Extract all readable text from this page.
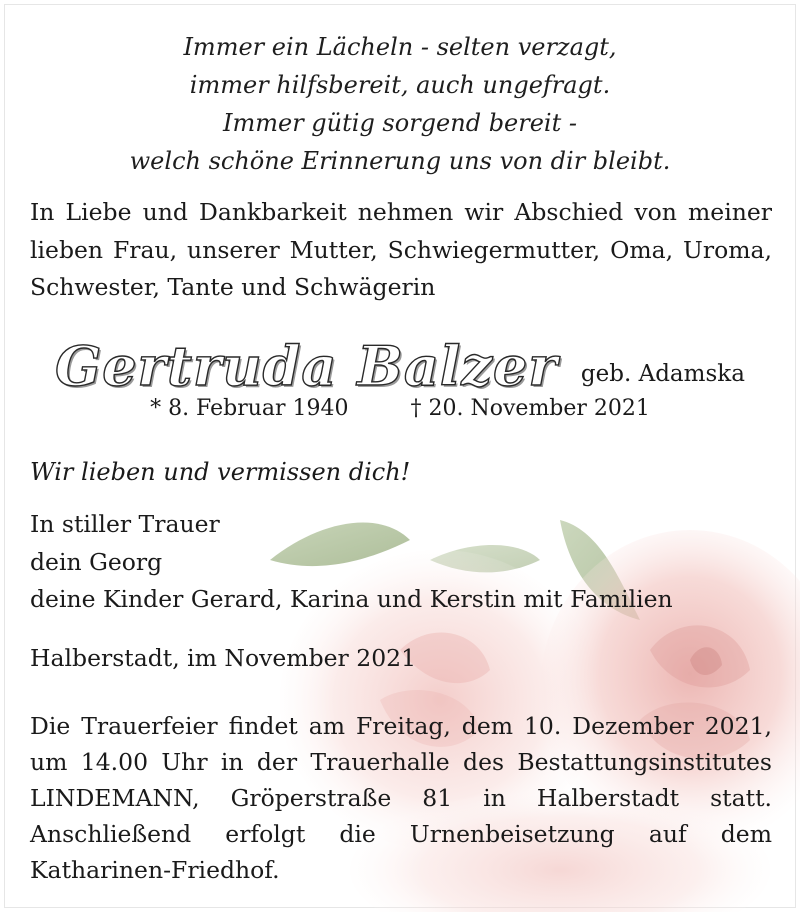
Immer ein Lächeln - selten verzagt,
immer hilfsbereit, auch ungefragt.
Immer gütig sorgend bereit -
welch schöne Erinnerung uns von dir bleibt.
In Liebe und Dankbarkeit nehmen wir Abschied von meiner lieben Frau, unserer Mutter, Schwiegermutter, Oma, Uroma, Schwester, Tante und Schwägerin
Gertruda Balzer geb. Adamska
* 8. Februar 1940	† 20. November 2021
Wir lieben und vermissen dich!
In stiller Trauer
dein Georg
deine Kinder Gerard, Karina und Kerstin mit Familien
Halberstadt, im November 2021
Die Trauerfeier findet am Freitag, dem 10. Dezember 2021, um 14.00 Uhr in der Trauerhalle des Bestattungsinstitutes LINDEMANN, Gröperstraße 81 in Halberstadt statt. Anschließend erfolgt die Urnenbeisetzung auf dem Katharinen-Friedhof.
